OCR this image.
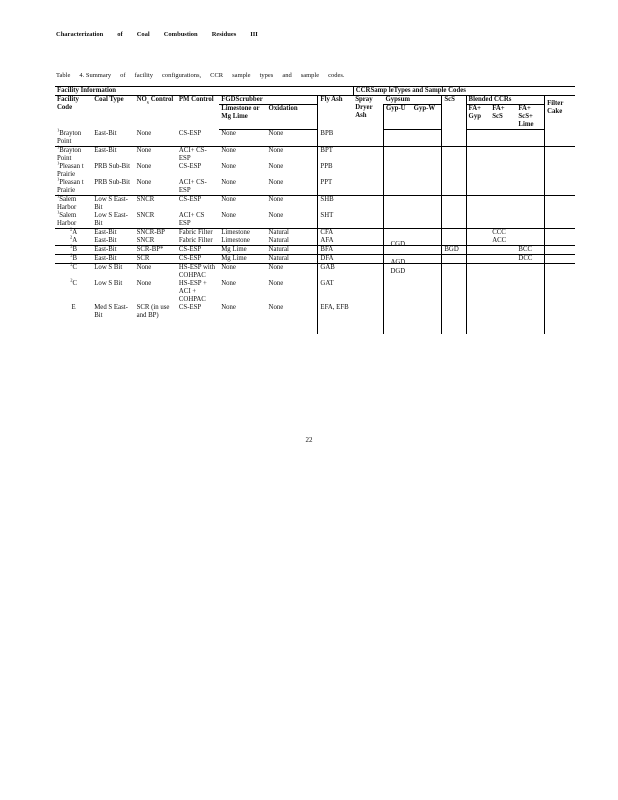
Characterization of Coal Combustion Residues III
Table 4. Summary of facility configurations, CCR sample types and sample codes.
Facility Information							CCRSamp leTypes and Sample Codes							
Facility Code	Coal Type	$NO_x$ Control	PM Control	FGDScrubber		Fly Ash	Spray Dryer Ash	Gypsum		ScS	Blended CCRs			Filter Cake
				Limestone or Mg Lime	Oxidation			Gyp-U	Gyp-W		FA+ Gyp	FA+ ScS	FA+ ScS+ Lime	
$^1$Brayton Point	East-Bit	None	CS-ESP	None	None	BPB								
$^1$Brayton Point	East-Bit	None	ACI+ CS-ESP	None	None	BPT								
$^1$Pleasan t Prairie	PRB Sub-Bit	None	CS-ESP	None	None	PPB								
$^1$Pleasan t Prairie	PRB Sub-Bit	None	ACI+ CS-ESP	None	None	PPT								
$^1$Salem Harbor	Low S East-Bit	SNCR	CS-ESP	None	None	SHB								
$^1$Salem Harbor	Low S East-Bit	SNCR	ACI+ CS ESP	None	None	SHT								
$^2$A	East-Bit	SNCR-BP	Fabric Filter	Limestone	Natural	CFA						CCC		
$^2$A	East-Bit	SNCR	Fabric Filter	Limestone	Natural	AFA		CGD				ACC		
$^2$B	East-Bit	SCR-BP*	CS-ESP	Mg Lime	Natural	BFA				BGD			BCC	
$^2$B	East-Bit	SCR	CS-ESP	Mg Lime	Natural	DFA		AGD					DCC	
$^2$C	Low S Bit	None	HS-ESP with COHPAC	None	None	GAB		DGD						
$^2$C	Low S Bit	None	HS-ESP + ACI + COHPAC	None	None	GAT								
E	Med S East-Bit	SCR (in use and BP)	CS-ESP	None	None	EFA, EFB								
22
